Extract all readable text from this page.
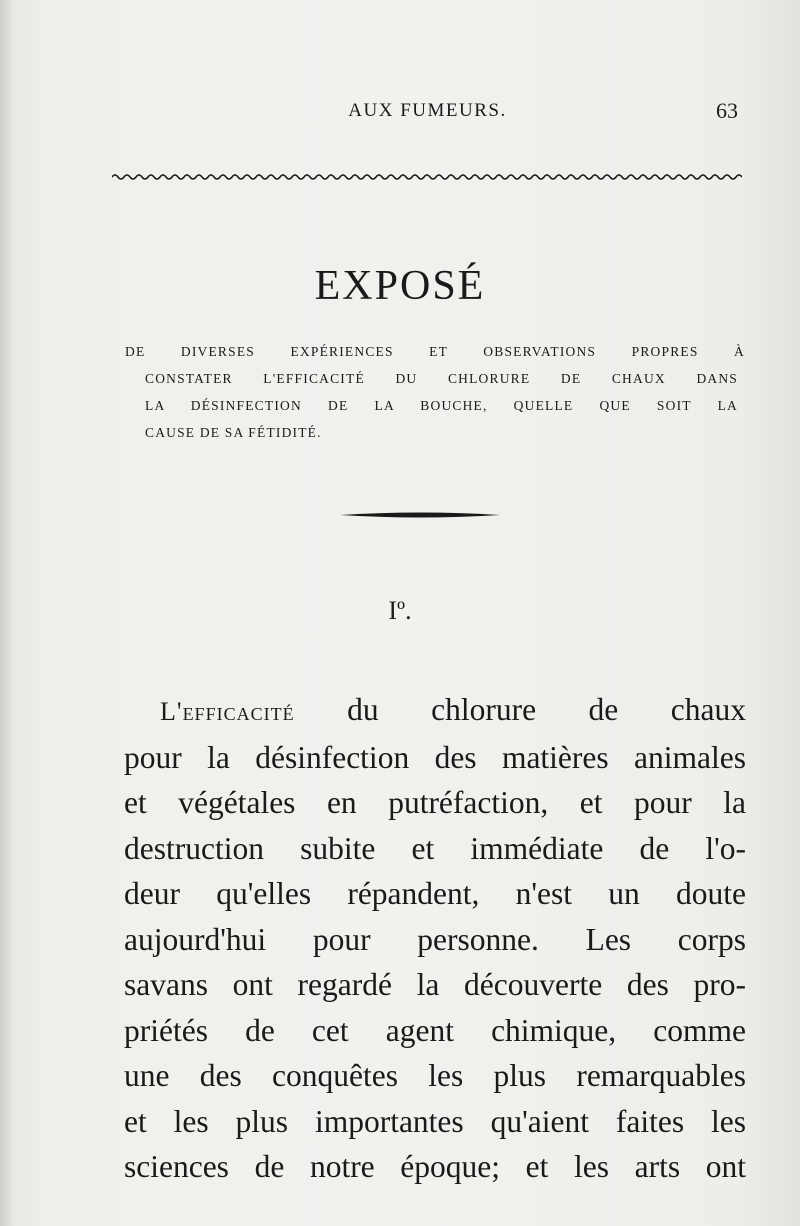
AUX FUMEURS.	63
EXPOSÉ
DE DIVERSES EXPÉRIENCES ET OBSERVATIONS PROPRES À
CONSTATER L'EFFICACITÉ DU CHLORURE DE CHAUX DANS
LA DÉSINFECTION DE LA BOUCHE, QUELLE QUE SOIT LA
CAUSE DE SA FÉTIDITÉ.
Iº.
L'efficacité du chlorure de chaux
pour la désinfection des matières animales
et végétales en putréfaction, et pour la
destruction subite et immédiate de l'o-
deur qu'elles répandent, n'est un doute
aujourd'hui pour personne. Les corps
savans ont regardé la découverte des pro-
priétés de cet agent chimique, comme
une des conquêtes les plus remarquables
et les plus importantes qu'aient faites les
sciences de notre époque; et les arts ont
